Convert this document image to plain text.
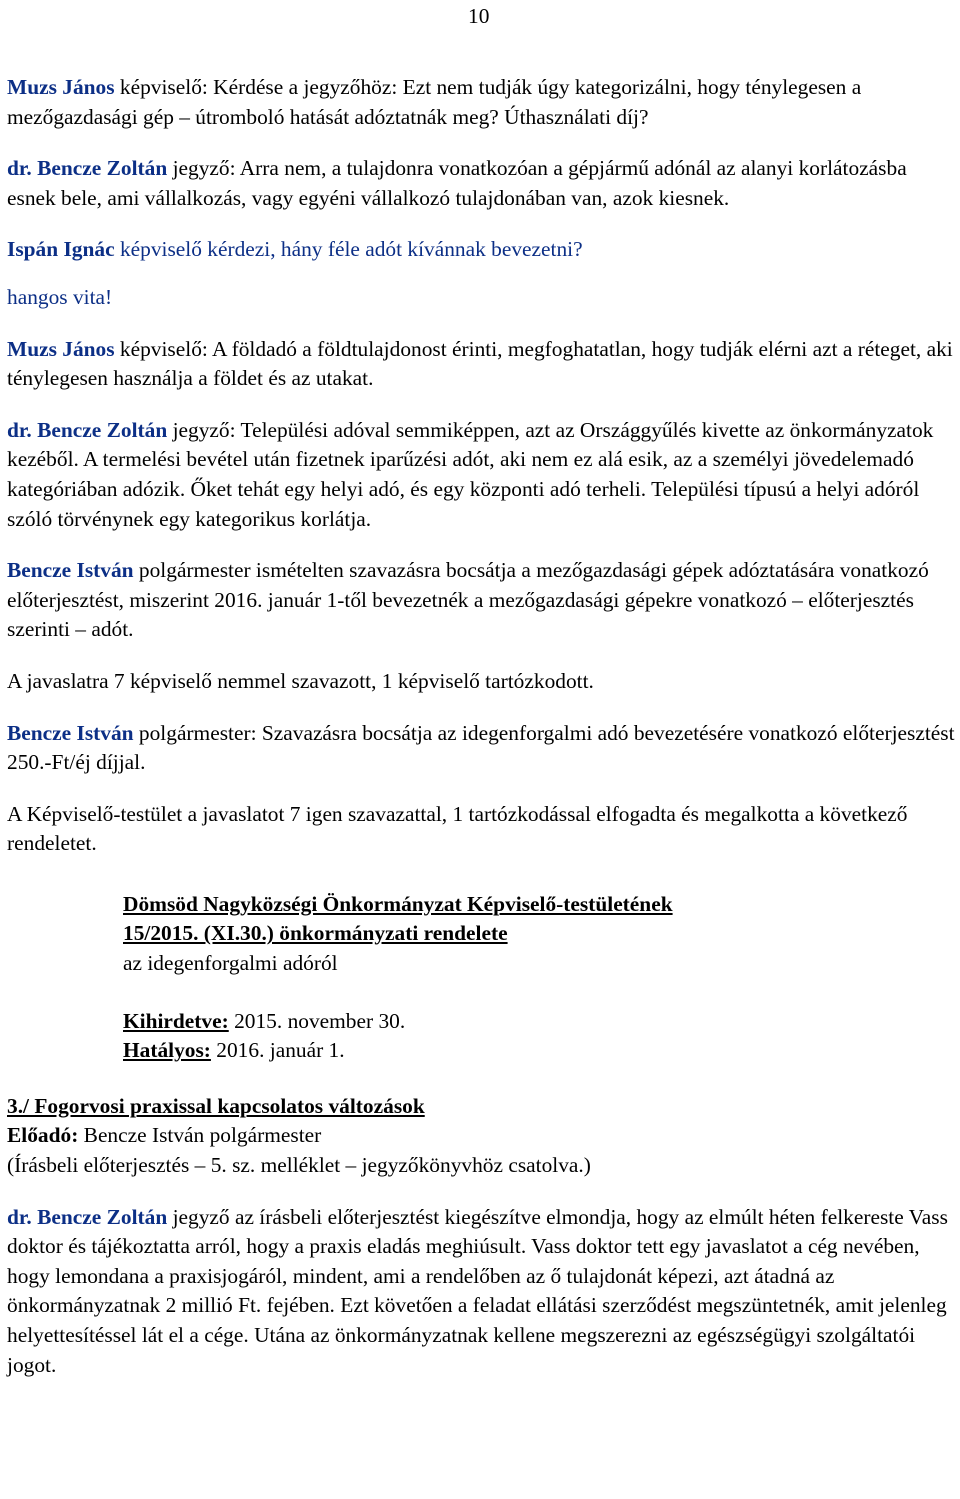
10

Muzs János képviselő: Kérdése a jegyzőhöz: Ezt nem tudják úgy kategorizálni, hogy ténylegesen a mezőgazdasági gép – útromboló hatását adóztatnák meg? Úthasználati díj?

dr. Bencze Zoltán jegyző: Arra nem, a tulajdonra vonatkozóan a gépjármű adónál az alanyi korlátozásba esnek bele, ami vállalkozás, vagy egyéni vállalkozó tulajdonában van, azok kiesnek.

Ispán Ignác képviselő kérdezi, hány féle adót kívánnak bevezetni?

hangos vita!

Muzs János képviselő: A földadó a földtulajdonost érinti, megfoghatatlan, hogy tudják elérni azt a réteget, aki ténylegesen használja a földet és az utakat.

dr. Bencze Zoltán jegyző: Települési adóval semmiképpen, azt az Országgyűlés kivette az önkormányzatok kezéből. A termelési bevétel után fizetnek iparűzési adót, aki nem ez alá esik, az a személyi jövedelemadó kategóriában adózik. Őket tehát egy helyi adó, és egy központi adó terheli. Települési típusú a helyi adóról szóló törvénynek egy kategorikus korlátja.

Bencze István polgármester ismételten szavazásra bocsátja a mezőgazdasági gépek adóztatására vonatkozó előterjesztést, miszerint 2016. január 1-től bevezetnék a mezőgazdasági gépekre vonatkozó – előterjesztés szerinti – adót.

A javaslatra 7 képviselő nemmel szavazott, 1 képviselő tartózkodott.

Bencze István polgármester: Szavazásra bocsátja az idegenforgalmi adó bevezetésére vonatkozó előterjesztést 250.-Ft/éj díjjal.

A Képviselő-testület a javaslatot 7 igen szavazattal, 1 tartózkodással elfogadta és megalkotta a következő rendeletet.

Dömsöd Nagyközségi Önkormányzat Képviselő-testületének

15/2015. (XI.30.) önkormányzati rendelete

az idegenforgalmi adóról

Kihirdetve: 2015. november 30.

Hatályos: 2016. január 1.

3./ Fogorvosi praxissal kapcsolatos változások

Előadó: Bencze István polgármester

(Írásbeli előterjesztés – 5. sz. melléklet – jegyzőkönyvhöz csatolva.)

dr. Bencze Zoltán jegyző az írásbeli előterjesztést kiegészítve elmondja, hogy az elmúlt héten felkereste Vass doktor és tájékoztatta arról, hogy a praxis eladás meghiúsult. Vass doktor tett egy javaslatot a cég nevében, hogy lemondana a praxisjogáról, mindent, ami a rendelőben az ő tulajdonát képezi, azt átadná az önkormányzatnak 2 millió Ft. fejében. Ezt követően a feladat ellátási szerződést megszüntetnék, amit jelenleg helyettesítéssel lát el a cége. Utána az önkormányzatnak kellene megszerezni az egészségügyi szolgáltatói jogot.
